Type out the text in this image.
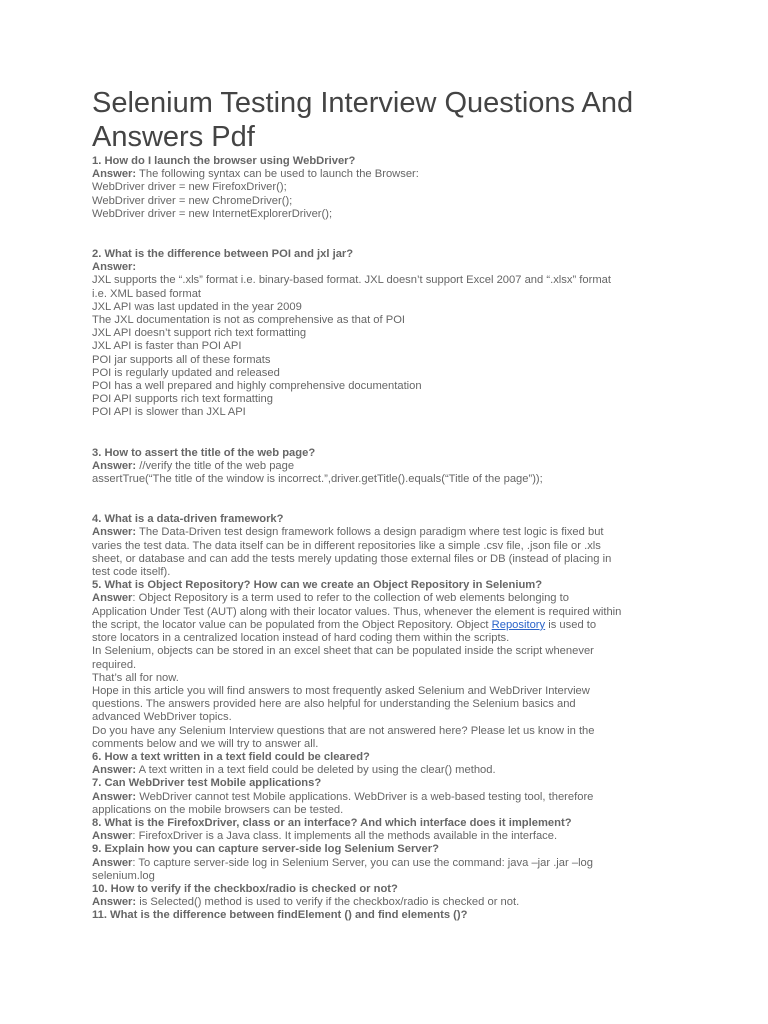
Selenium Testing Interview Questions And Answers Pdf
1. How do I launch the browser using WebDriver?
Answer: The following syntax can be used to launch the Browser:
WebDriver driver = new FirefoxDriver();
WebDriver driver = new ChromeDriver();
WebDriver driver = new InternetExplorerDriver();
2. What is the difference between POI and jxl jar?
Answer:
JXL supports the “.xls” format i.e. binary-based format. JXL doesn’t support Excel 2007 and “.xlsx” format
i.e. XML based format
JXL API was last updated in the year 2009
The JXL documentation is not as comprehensive as that of POI
JXL API doesn’t support rich text formatting
JXL API is faster than POI API
POI jar supports all of these formats
POI is regularly updated and released
POI has a well prepared and highly comprehensive documentation
POI API supports rich text formatting
POI API is slower than JXL API
3. How to assert the title of the web page?
Answer: //verify the title of the web page
assertTrue(“The title of the window is incorrect.”,driver.getTitle().equals(“Title of the page”));
4. What is a data-driven framework?
Answer: The Data-Driven test design framework follows a design paradigm where test logic is fixed but
varies the test data. The data itself can be in different repositories like a simple .csv file, .json file or .xls
sheet, or database and can add the tests merely updating those external files or DB (instead of placing in
test code itself).
5. What is Object Repository? How can we create an Object Repository in Selenium?
Answer: Object Repository is a term used to refer to the collection of web elements belonging to
Application Under Test (AUT) along with their locator values. Thus, whenever the element is required within
the script, the locator value can be populated from the Object Repository. Object Repository is used to
store locators in a centralized location instead of hard coding them within the scripts.
In Selenium, objects can be stored in an excel sheet that can be populated inside the script whenever
required.
That’s all for now.
Hope in this article you will find answers to most frequently asked Selenium and WebDriver Interview
questions. The answers provided here are also helpful for understanding the Selenium basics and
advanced WebDriver topics.
Do you have any Selenium Interview questions that are not answered here? Please let us know in the
comments below and we will try to answer all.
6. How a text written in a text field could be cleared?
Answer: A text written in a text field could be deleted by using the clear() method.
7. Can WebDriver test Mobile applications?
Answer: WebDriver cannot test Mobile applications. WebDriver is a web-based testing tool, therefore
applications on the mobile browsers can be tested.
8. What is the FirefoxDriver, class or an interface? And which interface does it implement?
Answer: FirefoxDriver is a Java class. It implements all the methods available in the interface.
9. Explain how you can capture server-side log Selenium Server?
Answer: To capture server-side log in Selenium Server, you can use the command: java –jar .jar –log
selenium.log
10. How to verify if the checkbox/radio is checked or not?
Answer: is Selected() method is used to verify if the checkbox/radio is checked or not.
11. What is the difference between findElement () and find elements ()?
